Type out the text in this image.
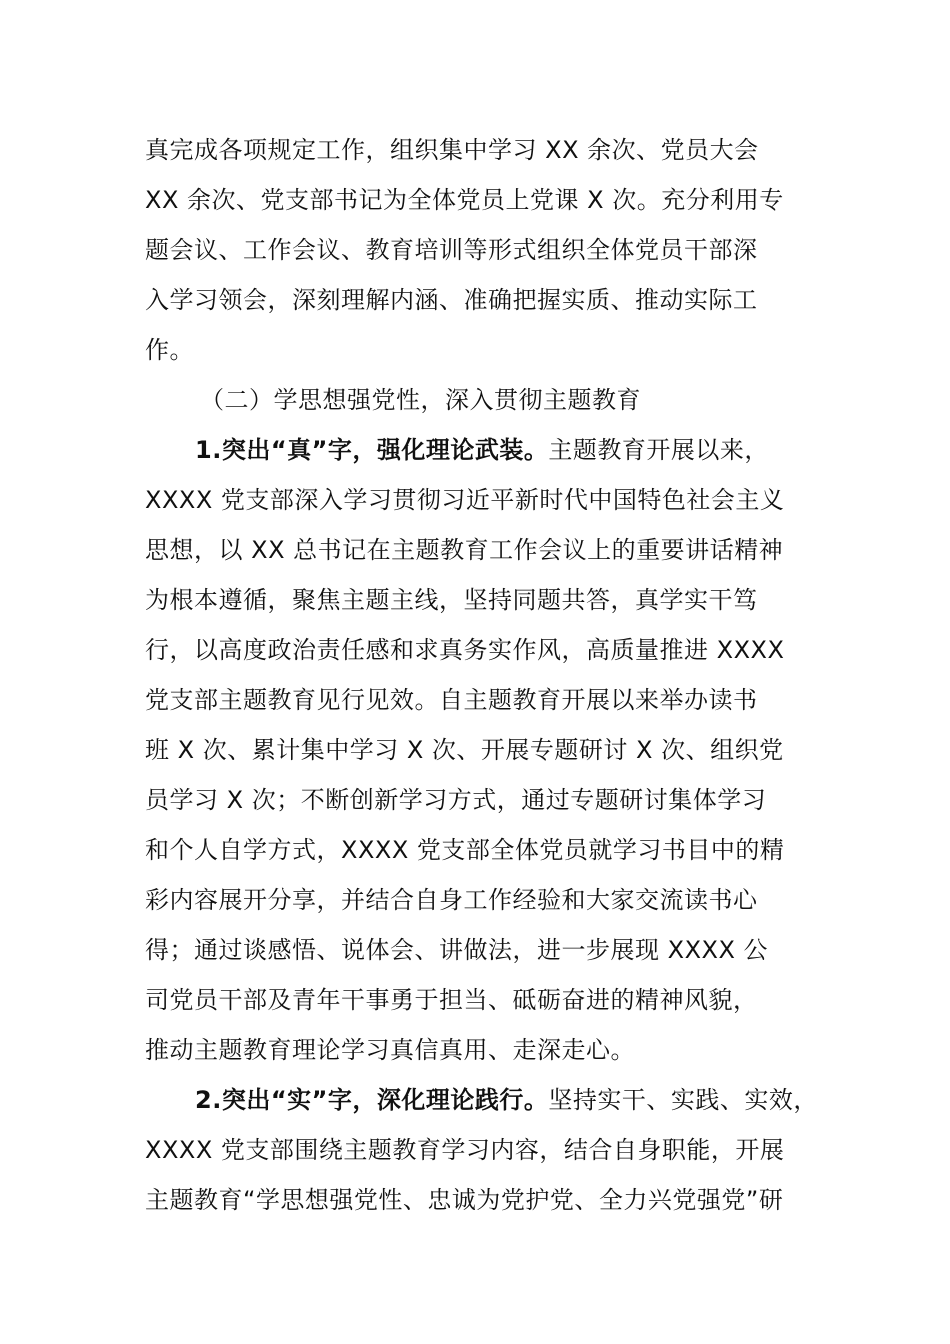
真完成各项规定工作，组织集中学习 XX 余次、党员大会
XX 余次、党支部书记为全体党员上党课 X 次。充分利用专
题会议、工作会议、教育培训等形式组织全体党员干部深
入学习领会，深刻理解内涵、准确把握实质、推动实际工
作。
（二）学思想强党性，深入贯彻主题教育
1.突出“真”字，强化理论武装。主题教育开展以来，
XXXX 党支部深入学习贯彻习近平新时代中国特色社会主义
思想，以 XX 总书记在主题教育工作会议上的重要讲话精神
为根本遵循，聚焦主题主线，坚持同题共答，真学实干笃
行，以高度政治责任感和求真务实作风，高质量推进 XXXX
党支部主题教育见行见效。自主题教育开展以来举办读书
班 X 次、累计集中学习 X 次、开展专题研讨 X 次、组织党
员学习 X 次；不断创新学习方式，通过专题研讨集体学习
和个人自学方式，XXXX 党支部全体党员就学习书目中的精
彩内容展开分享，并结合自身工作经验和大家交流读书心
得；通过谈感悟、说体会、讲做法，进一步展现 XXXX 公
司党员干部及青年干事勇于担当、砥砺奋进的精神风貌，
推动主题教育理论学习真信真用、走深走心。
2.突出“实”字，深化理论践行。坚持实干、实践、实效，
XXXX 党支部围绕主题教育学习内容，结合自身职能，开展
主题教育“学思想强党性、忠诚为党护党、全力兴党强党”研
